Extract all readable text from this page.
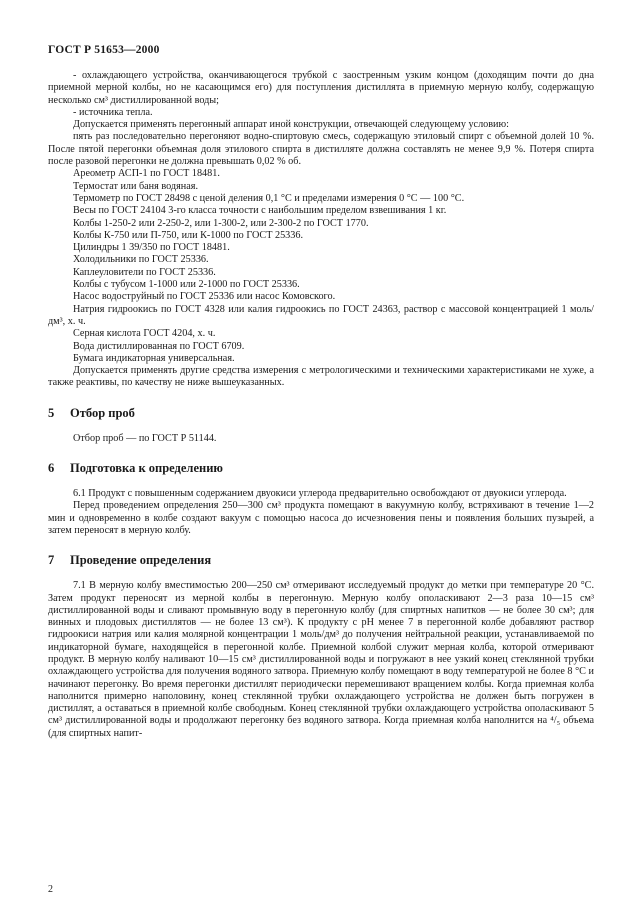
ГОСТ Р 51653—2000

- охлаждающего устройства, оканчивающегося трубкой с заостренным узким концом (доходящим почти до дна приемной мерной колбы, но не касающимся его) для поступления дистиллята в приемную мерную колбу, содержащую несколько см³ дистиллированной воды;

- источника тепла.

Допускается применять перегонный аппарат иной конструкции, отвечающей следующему условию:

пять раз последовательно перегоняют водно-спиртовую смесь, содержащую этиловый спирт с объемной долей 10 %. После пятой перегонки объемная доля этилового спирта в дистилляте должна составлять не менее 9,9 %. Потеря спирта после разовой перегонки не должна превышать 0,02 % об.

Ареометр АСП-1 по ГОСТ 18481.

Термостат или баня водяная.

Термометр по ГОСТ 28498 с ценой деления 0,1 °С и пределами измерения 0 °С — 100 °С.

Весы по ГОСТ 24104 3-го класса точности с наибольшим пределом взвешивания 1 кг.

Колбы 1-250-2 или 2-250-2, или 1-300-2, или 2-300-2 по ГОСТ 1770.

Колбы К-750 или П-750, или К-1000 по ГОСТ 25336.

Цилиндры 1 39/350 по ГОСТ 18481.

Холодильники по ГОСТ 25336.

Каплеуловители по ГОСТ 25336.

Колбы с тубусом 1-1000 или 2-1000 по ГОСТ 25336.

Насос водоструйный по ГОСТ 25336 или насос Комовского.

Натрия гидроокись по ГОСТ 4328 или калия гидроокись по ГОСТ 24363, раствор с массовой концентрацией 1 моль/дм³, х. ч.

Серная кислота ГОСТ 4204, х. ч.

Вода дистиллированная по ГОСТ 6709.

Бумага индикаторная универсальная.

Допускается применять другие средства измерения с метрологическими и техническими характеристиками не хуже, а также реактивы, по качеству не ниже вышеуказанных.

5 Отбор проб

Отбор проб — по ГОСТ Р 51144.

6 Подготовка к определению

6.1 Продукт с повышенным содержанием двуокиси углерода предварительно освобождают от двуокиси углерода.

Перед проведением определения 250—300 см³ продукта помещают в вакуумную колбу, встряхивают в течение 1—2 мин и одновременно в колбе создают вакуум с помощью насоса до исчезновения пены и появления больших пузырей, а затем переносят в мерную колбу.

7 Проведение определения

7.1 В мерную колбу вместимостью 200—250 см³ отмеривают исследуемый продукт до метки при температуре 20 °С. Затем продукт переносят из мерной колбы в перегонную. Мерную колбу ополаскивают 2—3 раза 10—15 см³ дистиллированной воды и сливают промывную воду в перегонную колбу (для спиртных напитков — не более 30 см³; для винных и плодовых дистиллятов — не более 13 см³). К продукту с рН менее 7 в перегонной колбе добавляют раствор гидроокиси натрия или калия молярной концентрации 1 моль/дм³ до получения нейтральной реакции, устанавливаемой по индикаторной бумаге, находящейся в перегонной колбе. Приемной колбой служит мерная колба, которой отмеривают продукт. В мерную колбу наливают 10—15 см³ дистиллированной воды и погружают в нее узкий конец стеклянной трубки охлаждающего устройства для получения водяного затвора. Приемную колбу помещают в воду температурой не более 8 °С и начинают перегонку. Во время перегонки дистиллят периодически перемешивают вращением колбы. Когда приемная колба наполнится примерно наполовину, конец стеклянной трубки охлаждающего устройства не должен быть погружен в дистиллят, а оставаться в приемной колбе свободным. Конец стеклянной трубки охлаждающего устройства ополаскивают 5 см³ дистиллированной воды и продолжают перегонку без водяного затвора. Когда приемная колба наполнится на ⁴/₅ объема (для спиртных напит-

2
